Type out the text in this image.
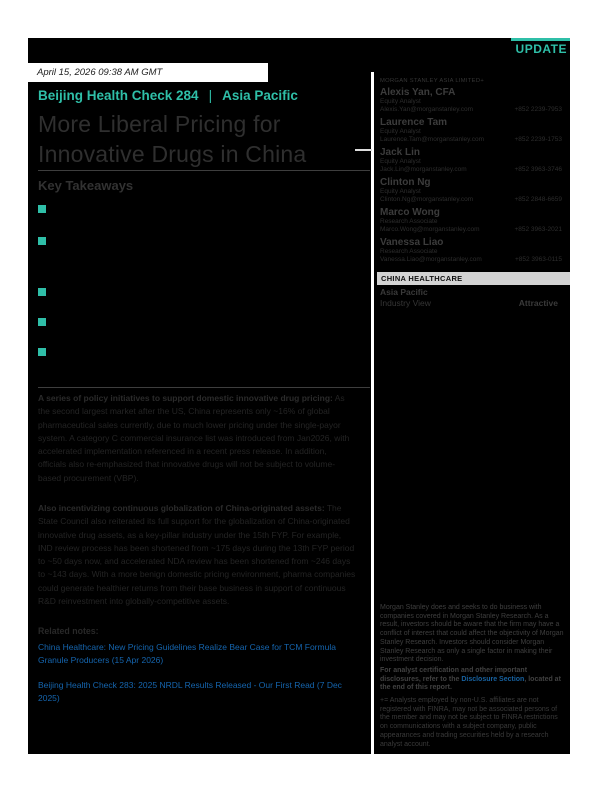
UPDATE
April 15, 2026 09:38 AM GMT
Beijing Health Check 284 | Asia Pacific
More Liberal Pricing for Innovative Drugs in China
Key Takeaways

A series of policy initiatives to support domestic innovative drug pricing: As the second largest market after the US, China represents only ~16% of global pharmaceutical sales currently, due to much lower pricing under the single-payor system. A category C commercial insurance list was introduced from Jan2026, with accelerated implementation referenced in a recent press release. In addition, officials also re-emphasized that innovative drugs will not be subject to volume-based procurement (VBP).

Also incentivizing continuous globalization of China-originated assets: The State Council also reiterated its full support for the globalization of China-originated innovative drug assets, as a key-pillar industry under the 15th FYP. For example, IND review process has been shortened from ~175 days during the 13th FYP period to ~50 days now, and accelerated NDA review has been shortened from ~246 days to ~143 days. With a more benign domestic pricing environment, pharma companies could generate healthier returns from their base business in support of continuous R&D reinvestment into globally-competitive assets.

Related notes:
China Healthcare: New Pricing Guidelines Realize Bear Case for TCM Formula Granule Producers (15 Apr 2026)
Beijing Health Check 283: 2025 NRDL Results Released - Our First Read (7 Dec 2025)
MORGAN STANLEY ASIA LIMITED+
Alexis Yan, CFA
Equity Analyst
Alexis.Yan@morganstanley.com	+852 2239-7953
Laurence Tam
Equity Analyst
Laurence.Tam@morganstanley.com	+852 2239-1753
Jack Lin
Equity Analyst
Jack.Lin@morganstanley.com	+852 3963-3746
Clinton Ng
Equity Analyst
Clinton.Ng@morganstanley.com	+852 2848-6659
Marco Wong
Research Associate
Marco.Wong@morganstanley.com	+852 3963-2021
Vanessa Liao
Research Associate
Vanessa.Liao@morganstanley.com	+852 3963-0115
CHINA HEALTHCARE
Asia Pacific
Industry View	Attractive
Morgan Stanley does and seeks to do business with companies covered in Morgan Stanley Research. As a result, investors should be aware that the firm may have a conflict of interest that could affect the objectivity of Morgan Stanley Research. Investors should consider Morgan Stanley Research as only a single factor in making their investment decision.
For analyst certification and other important disclosures, refer to the Disclosure Section, located at the end of this report.
+= Analysts employed by non-U.S. affiliates are not registered with FINRA, may not be associated persons of the member and may not be subject to FINRA restrictions on communications with a subject company, public appearances and trading securities held by a research analyst account.
